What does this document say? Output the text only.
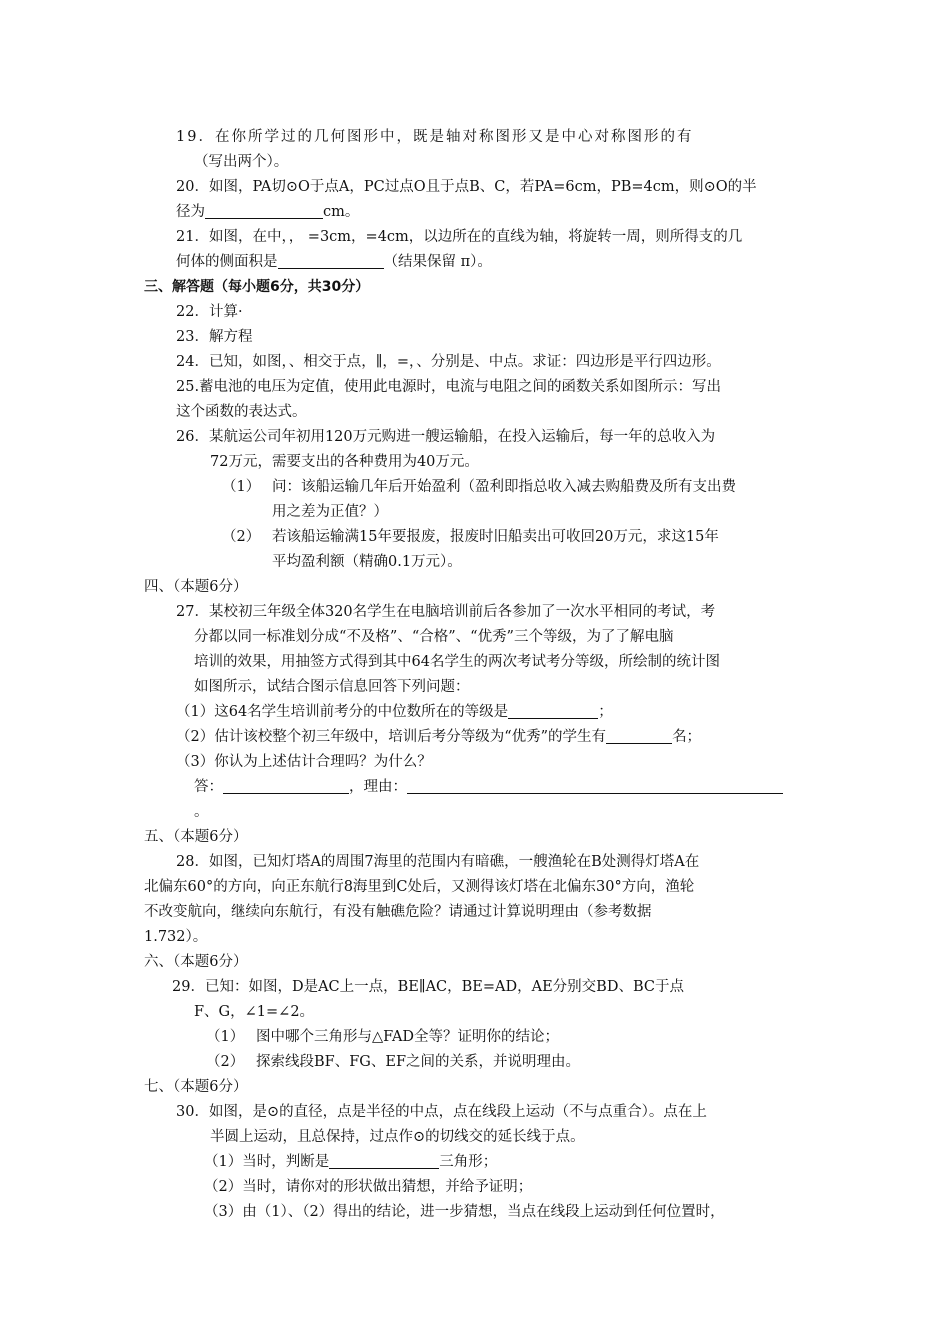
19．在你所学过的几何图形中，既是轴对称图形又是中心对称图形的有
（写出两个）。
20．如图，PA切⊙O于点A，PC过点O且于点B、C，若PA=6cm，PB=4cm，则⊙O的半
径为	cm。
21．如图，在中，， =3cm，=4cm，以边所在的直线为轴，将旋转一周，则所得支的几
何体的侧面积是	（结果保留 π）。
三、解答题（每小题6分，共30分）
22．计算·
23．解方程
24．已知，如图，、相交于点，∥，=，、分别是、中点。求证：四边形是平行四边形。
25.蓄电池的电压为定值，使用此电源时，电流与电阻之间的函数关系如图所示：写出
这个函数的表达式。
26．某航运公司年初用120万元购进一艘运输船，在投入运输后，每一年的总收入为
72万元，需要支出的各种费用为40万元。
（1） 问：该船运输几年后开始盈利（盈利即指总收入减去购船费及所有支出费
用之差为正值？）
（2） 若该船运输满15年要报废，报废时旧船卖出可收回20万元，求这15年
平均盈利额（精确0.1万元）。
四、（本题6分）
27．某校初三年级全体320名学生在电脑培训前后各参加了一次水平相同的考试，考
分都以同一标准划分成“不及格”、“合格”、“优秀”三个等级，为了了解电脑
培训的效果，用抽签方式得到其中64名学生的两次考试考分等级，所绘制的统计图
如图所示，试结合图示信息回答下列问题：
（1）这64名学生培训前考分的中位数所在的等级是	；
（2）估计该校整个初三年级中，培训后考分等级为“优秀”的学生有	名；
（3）你认为上述估计合理吗？为什么？
答：	，理由：
。
五、（本题6分）
28．如图，已知灯塔A的周围7海里的范围内有暗礁，一艘渔轮在B处测得灯塔A在
北偏东60°的方向，向正东航行8海里到C处后，又测得该灯塔在北偏东30°方向，渔轮
不改变航向，继续向东航行，有没有触礁危险？请通过计算说明理由（参考数据
1.732）。
六、（本题6分）
29．已知：如图，D是AC上一点，BE∥AC，BE=AD，AE分别交BD、BC于点
F、G，∠1=∠2。
（1） 图中哪个三角形与△FAD全等？证明你的结论；
（2） 探索线段BF、FG、EF之间的关系，并说明理由。
七、（本题6分）
30．如图，是⊙的直径，点是半径的中点，点在线段上运动（不与点重合）。点在上
半圆上运动，且总保持，过点作⊙的切线交的延长线于点。
（1）当时，判断是	三角形；
（2）当时，请你对的形状做出猜想，并给予证明；
（3）由（1）、（2）得出的结论，进一步猜想，当点在线段上运动到任何位置时，
